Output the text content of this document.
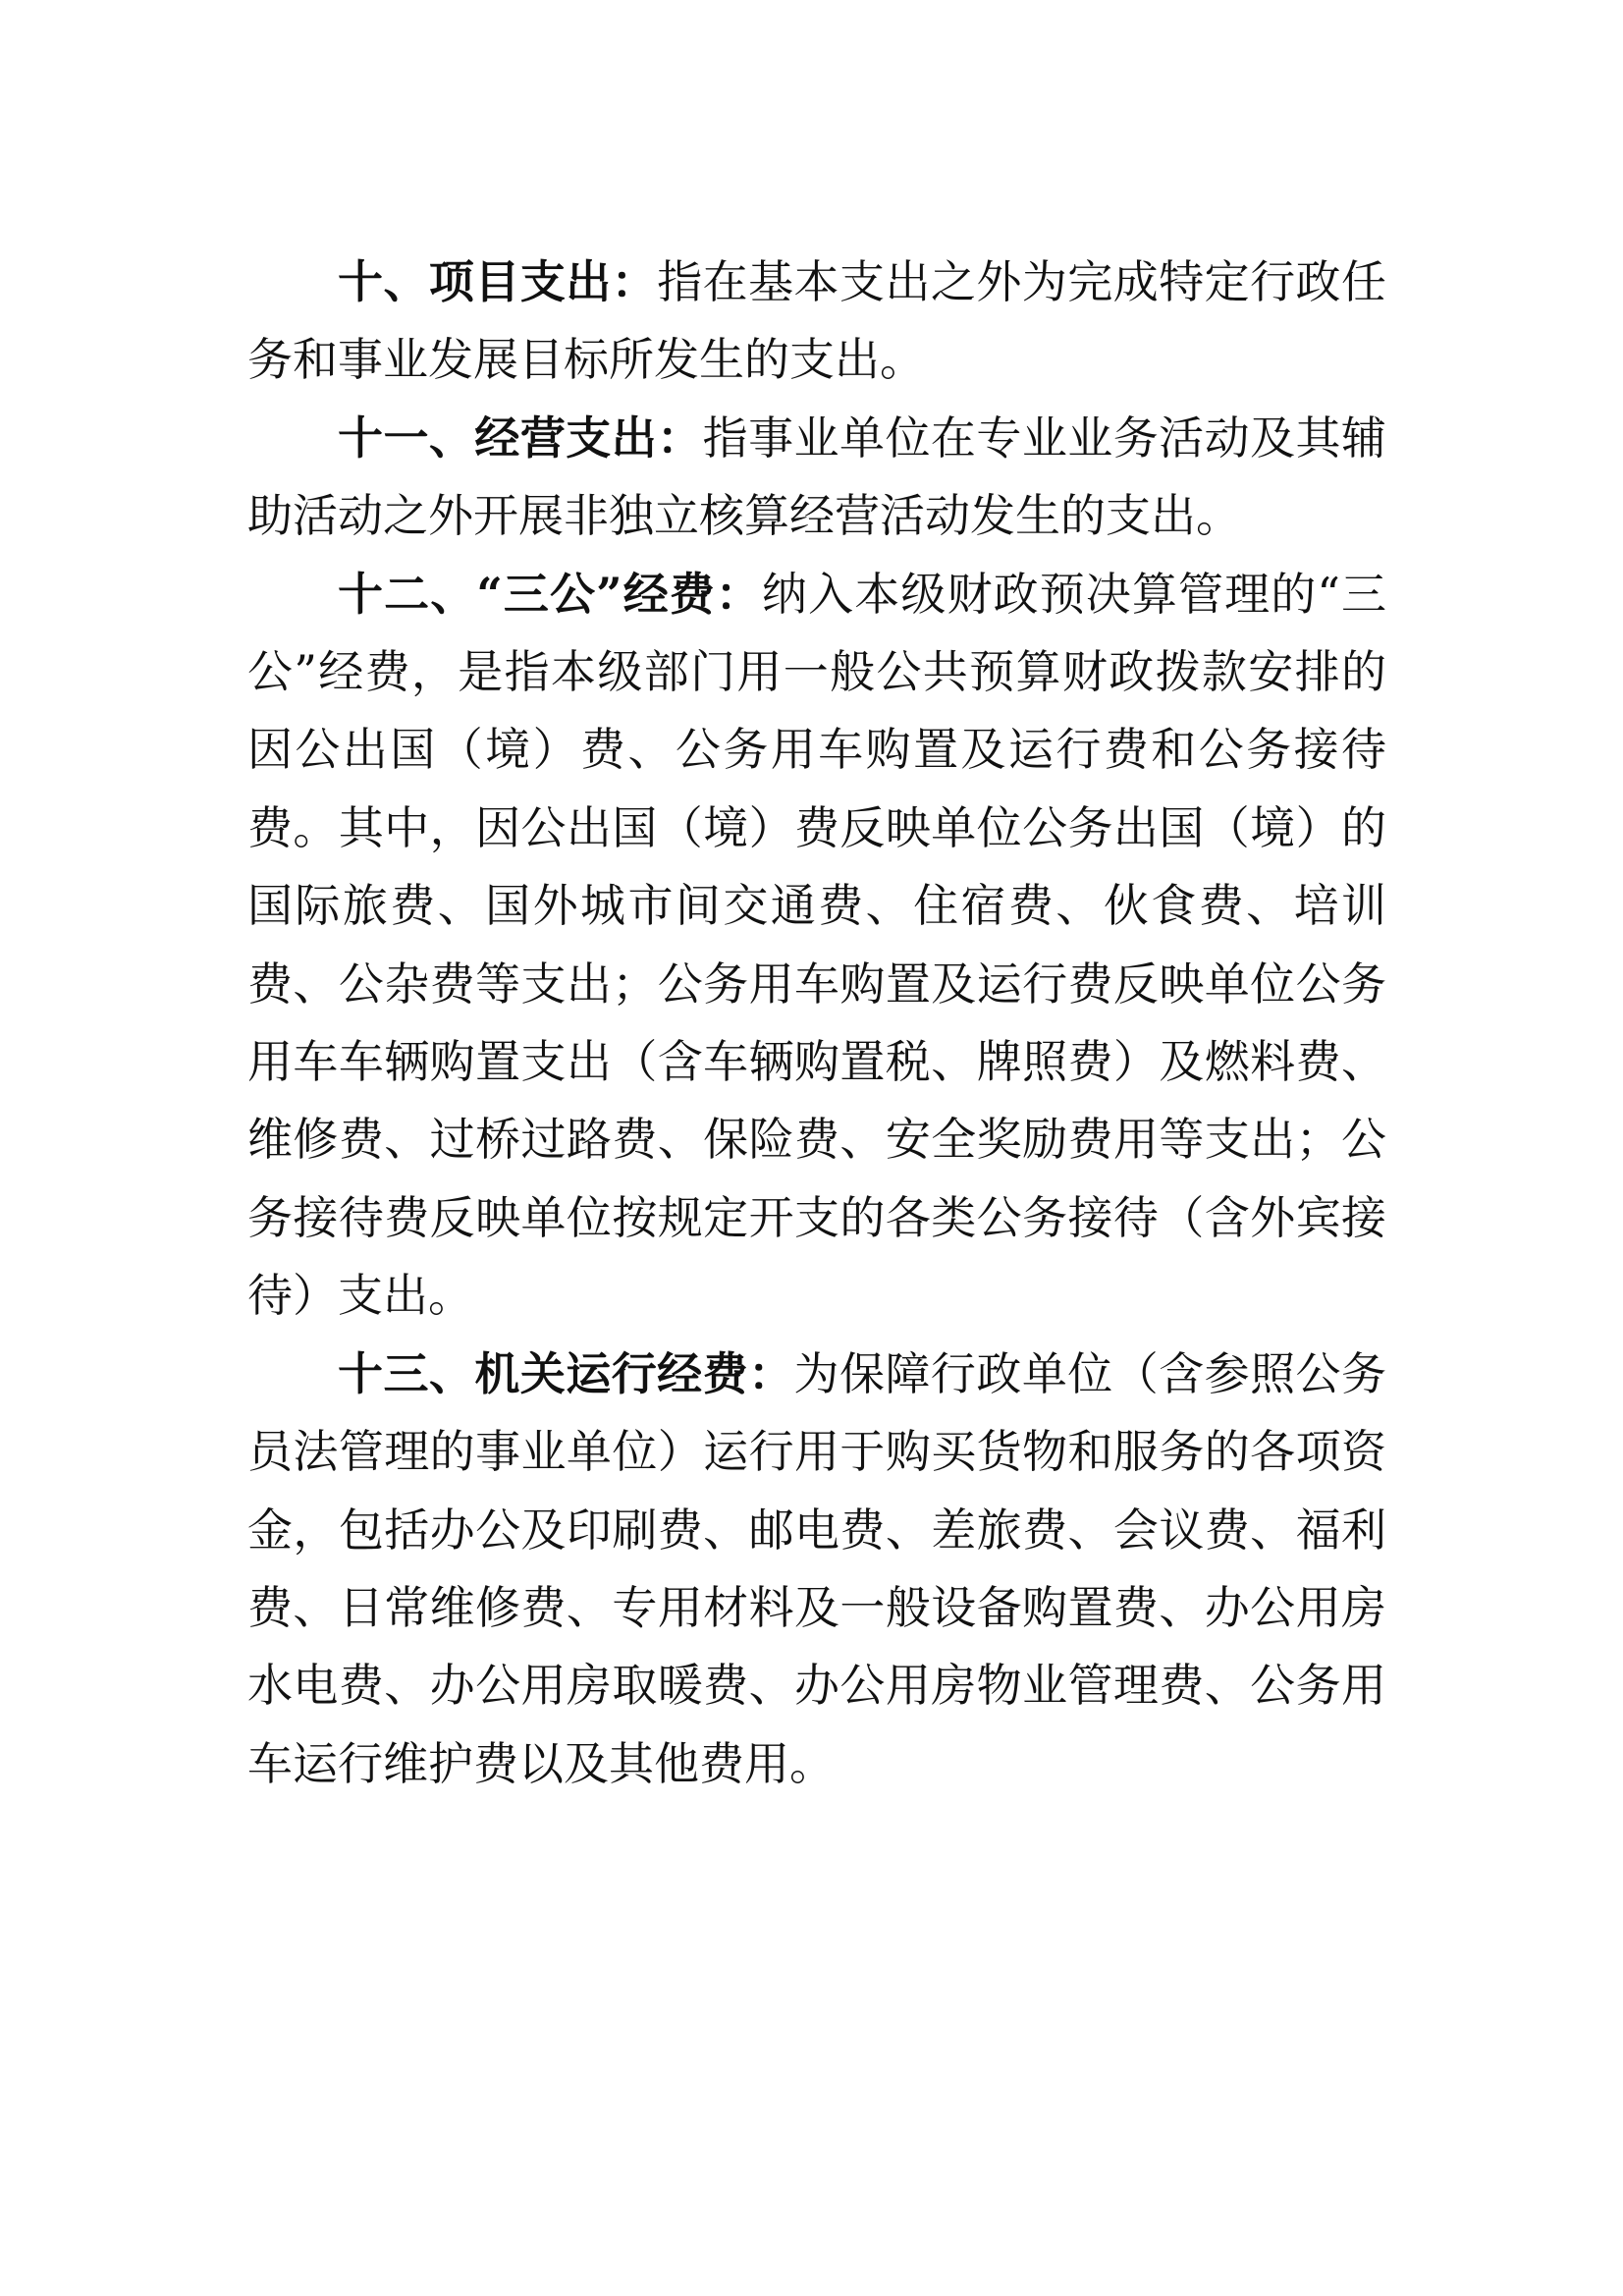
十、项目支出：指在基本支出之外为完成特定行政任务和事业发展目标所发生的支出。

十一、经营支出：指事业单位在专业业务活动及其辅助活动之外开展非独立核算经营活动发生的支出。

十二、“三公”经费：纳入本级财政预决算管理的“三公”经费，是指本级部门用一般公共预算财政拨款安排的因公出国（境）费、公务用车购置及运行费和公务接待费。其中，因公出国（境）费反映单位公务出国（境）的国际旅费、国外城市间交通费、住宿费、伙食费、培训费、公杂费等支出；公务用车购置及运行费反映单位公务用车车辆购置支出（含车辆购置税、牌照费）及燃料费、维修费、过桥过路费、保险费、安全奖励费用等支出；公务接待费反映单位按规定开支的各类公务接待（含外宾接待）支出。

十三、机关运行经费：为保障行政单位（含参照公务员法管理的事业单位）运行用于购买货物和服务的各项资金，包括办公及印刷费、邮电费、差旅费、会议费、福利费、日常维修费、专用材料及一般设备购置费、办公用房水电费、办公用房取暖费、办公用房物业管理费、公务用车运行维护费以及其他费用。
